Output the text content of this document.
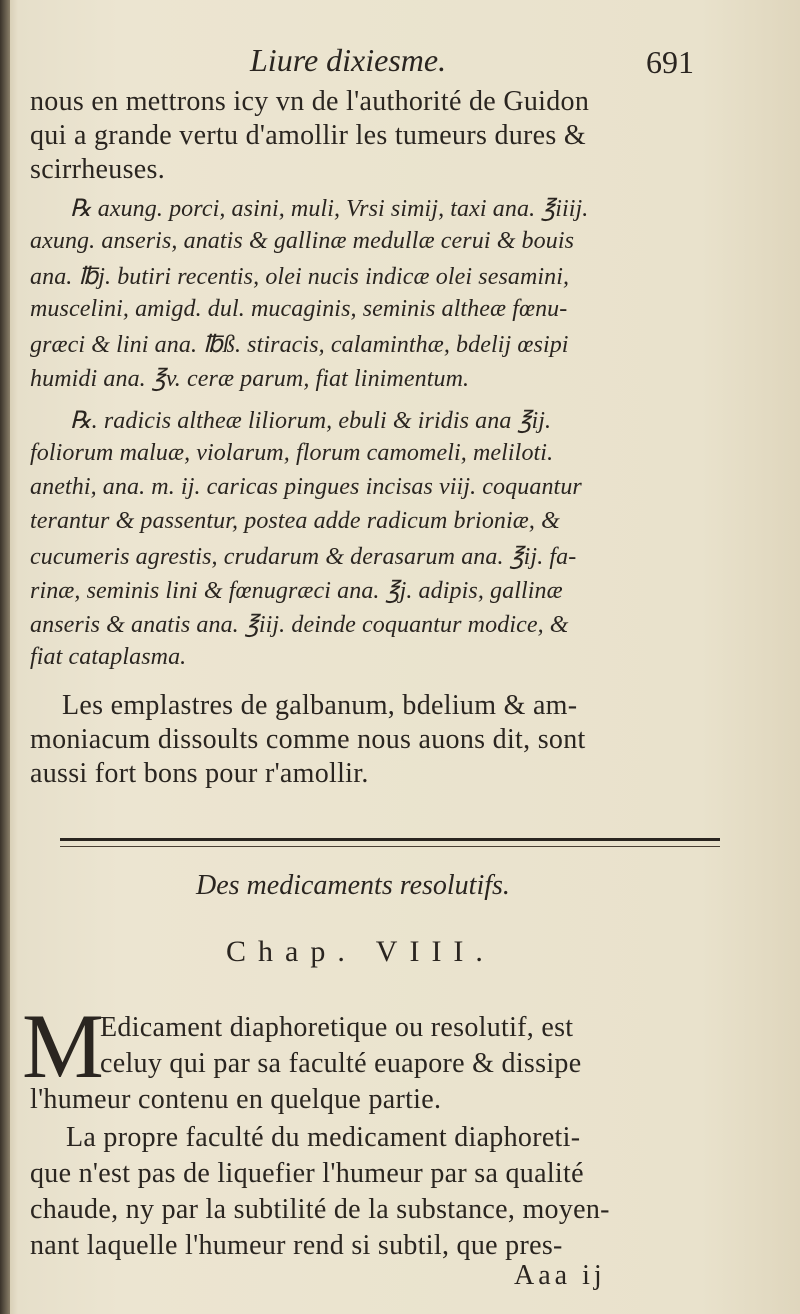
Liure dixiesme.	691
nous en mettrons icy vn de l'authorité de Guidon
qui a grande vertu d'amollir les tumeurs dures &
scirrheuses.
℞ axung. porci, asini, muli, Vrsi simij, taxi ana. ℥iiij.
axung. anseris, anatis & gallinæ medullæ cerui & bouis
ana. ℔j. butiri recentis, olei nucis indicæ olei sesamini,
muscelini, amigd. dul. mucaginis, seminis altheæ fœnu-
græci & lini ana. ℔ß. stiracis, calaminthæ, bdelij œsipi
humidi ana. ℥v. ceræ parum, fiat linimentum.
℞. radicis altheæ liliorum, ebuli & iridis ana ℥ij.
foliorum maluæ, violarum, florum camomeli, meliloti.
anethi, ana. m. ij. caricas pingues incisas viij. coquantur
terantur & passentur, postea adde radicum brioniæ, &
cucumeris agrestis, crudarum & derasarum ana. ℥ij. fa-
rinæ, seminis lini & fœnugræci ana. ℥j. adipis, gallinæ
anseris & anatis ana. ℥iij. deinde coquantur modice, &
fiat cataplasma.
Les emplastres de galbanum, bdelium & am-
moniacum dissoults comme nous auons dit, sont
aussi fort bons pour r'amollir.
Des medicaments resolutifs.
Chap. VIII.
M
Edicament diaphoretique ou resolutif, est
celuy qui par sa faculté euapore & dissipe
l'humeur contenu en quelque partie.
La propre faculté du medicament diaphoreti-
que n'est pas de liquefier l'humeur par sa qualité
chaude, ny par la subtilité de la substance, moyen-
nant laquelle l'humeur rend si subtil, que pres-
Aaa ij
